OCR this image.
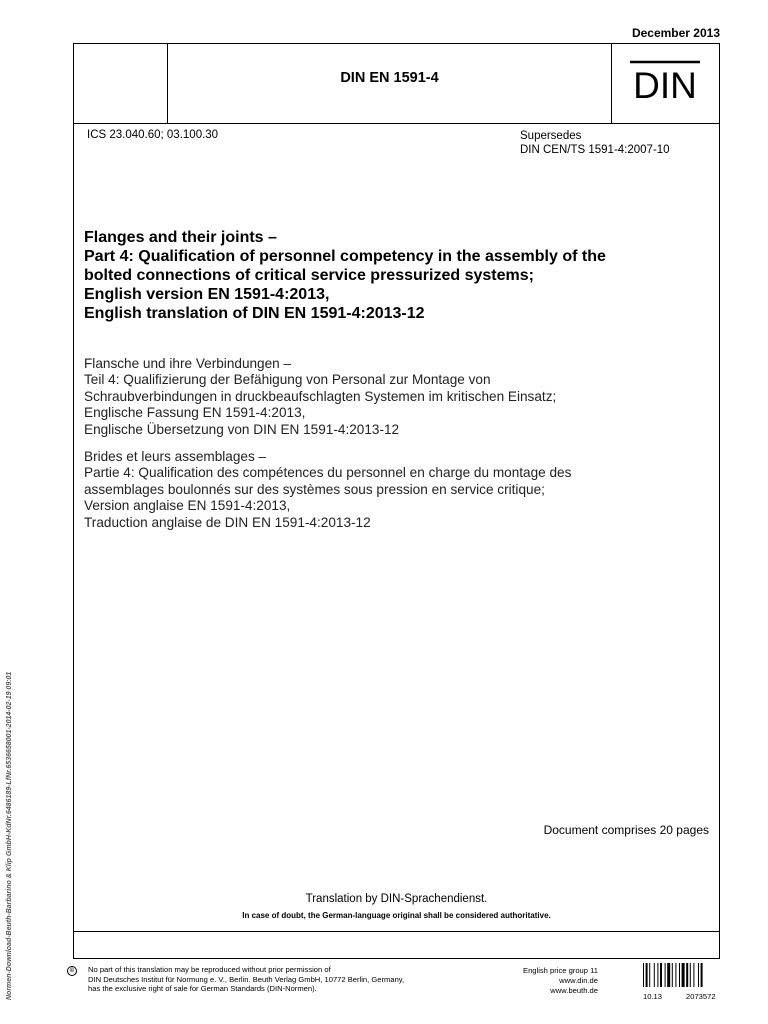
December 2013
DIN EN 1591-4	DIN
ICS 23.040.60; 03.100.30	Supersedes
DIN CEN/TS 1591-4:2007-10
Flanges and their joints –
Part 4: Qualification of personnel competency in the assembly of the
bolted connections of critical service pressurized systems;
English version EN 1591-4:2013,
English translation of DIN EN 1591-4:2013-12
Flansche und ihre Verbindungen –
Teil 4: Qualifizierung der Befähigung von Personal zur Montage von
Schraubverbindungen in druckbeaufschlagten Systemen im kritischen Einsatz;
Englische Fassung EN 1591-4:2013,
Englische Übersetzung von DIN EN 1591-4:2013-12
Brides et leurs assemblages –
Partie 4: Qualification des compétences du personnel en charge du montage des
assemblages boulonnés sur des systèmes sous pression en service critique;
Version anglaise EN 1591-4:2013,
Traduction anglaise de DIN EN 1591-4:2013-12
Document comprises 20 pages
Translation by DIN-Sprachendienst.
In case of doubt, the German-language original shall be considered authoritative.
Normen-Download-Beuth-Barbarino & Klip GmbH-KdNr.6486189-LfNr.6536658001-2014-02-19 09:01	©	No part of this translation may be reproduced without prior permission of
DIN Deutsches Institut für Normung e. V., Berlin. Beuth Verlag GmbH, 10772 Berlin, Germany,
has the exclusive right of sale for German Standards (DIN-Normen).
English price group 11
www.din.de
www.beuth.de
10.13	2073572
